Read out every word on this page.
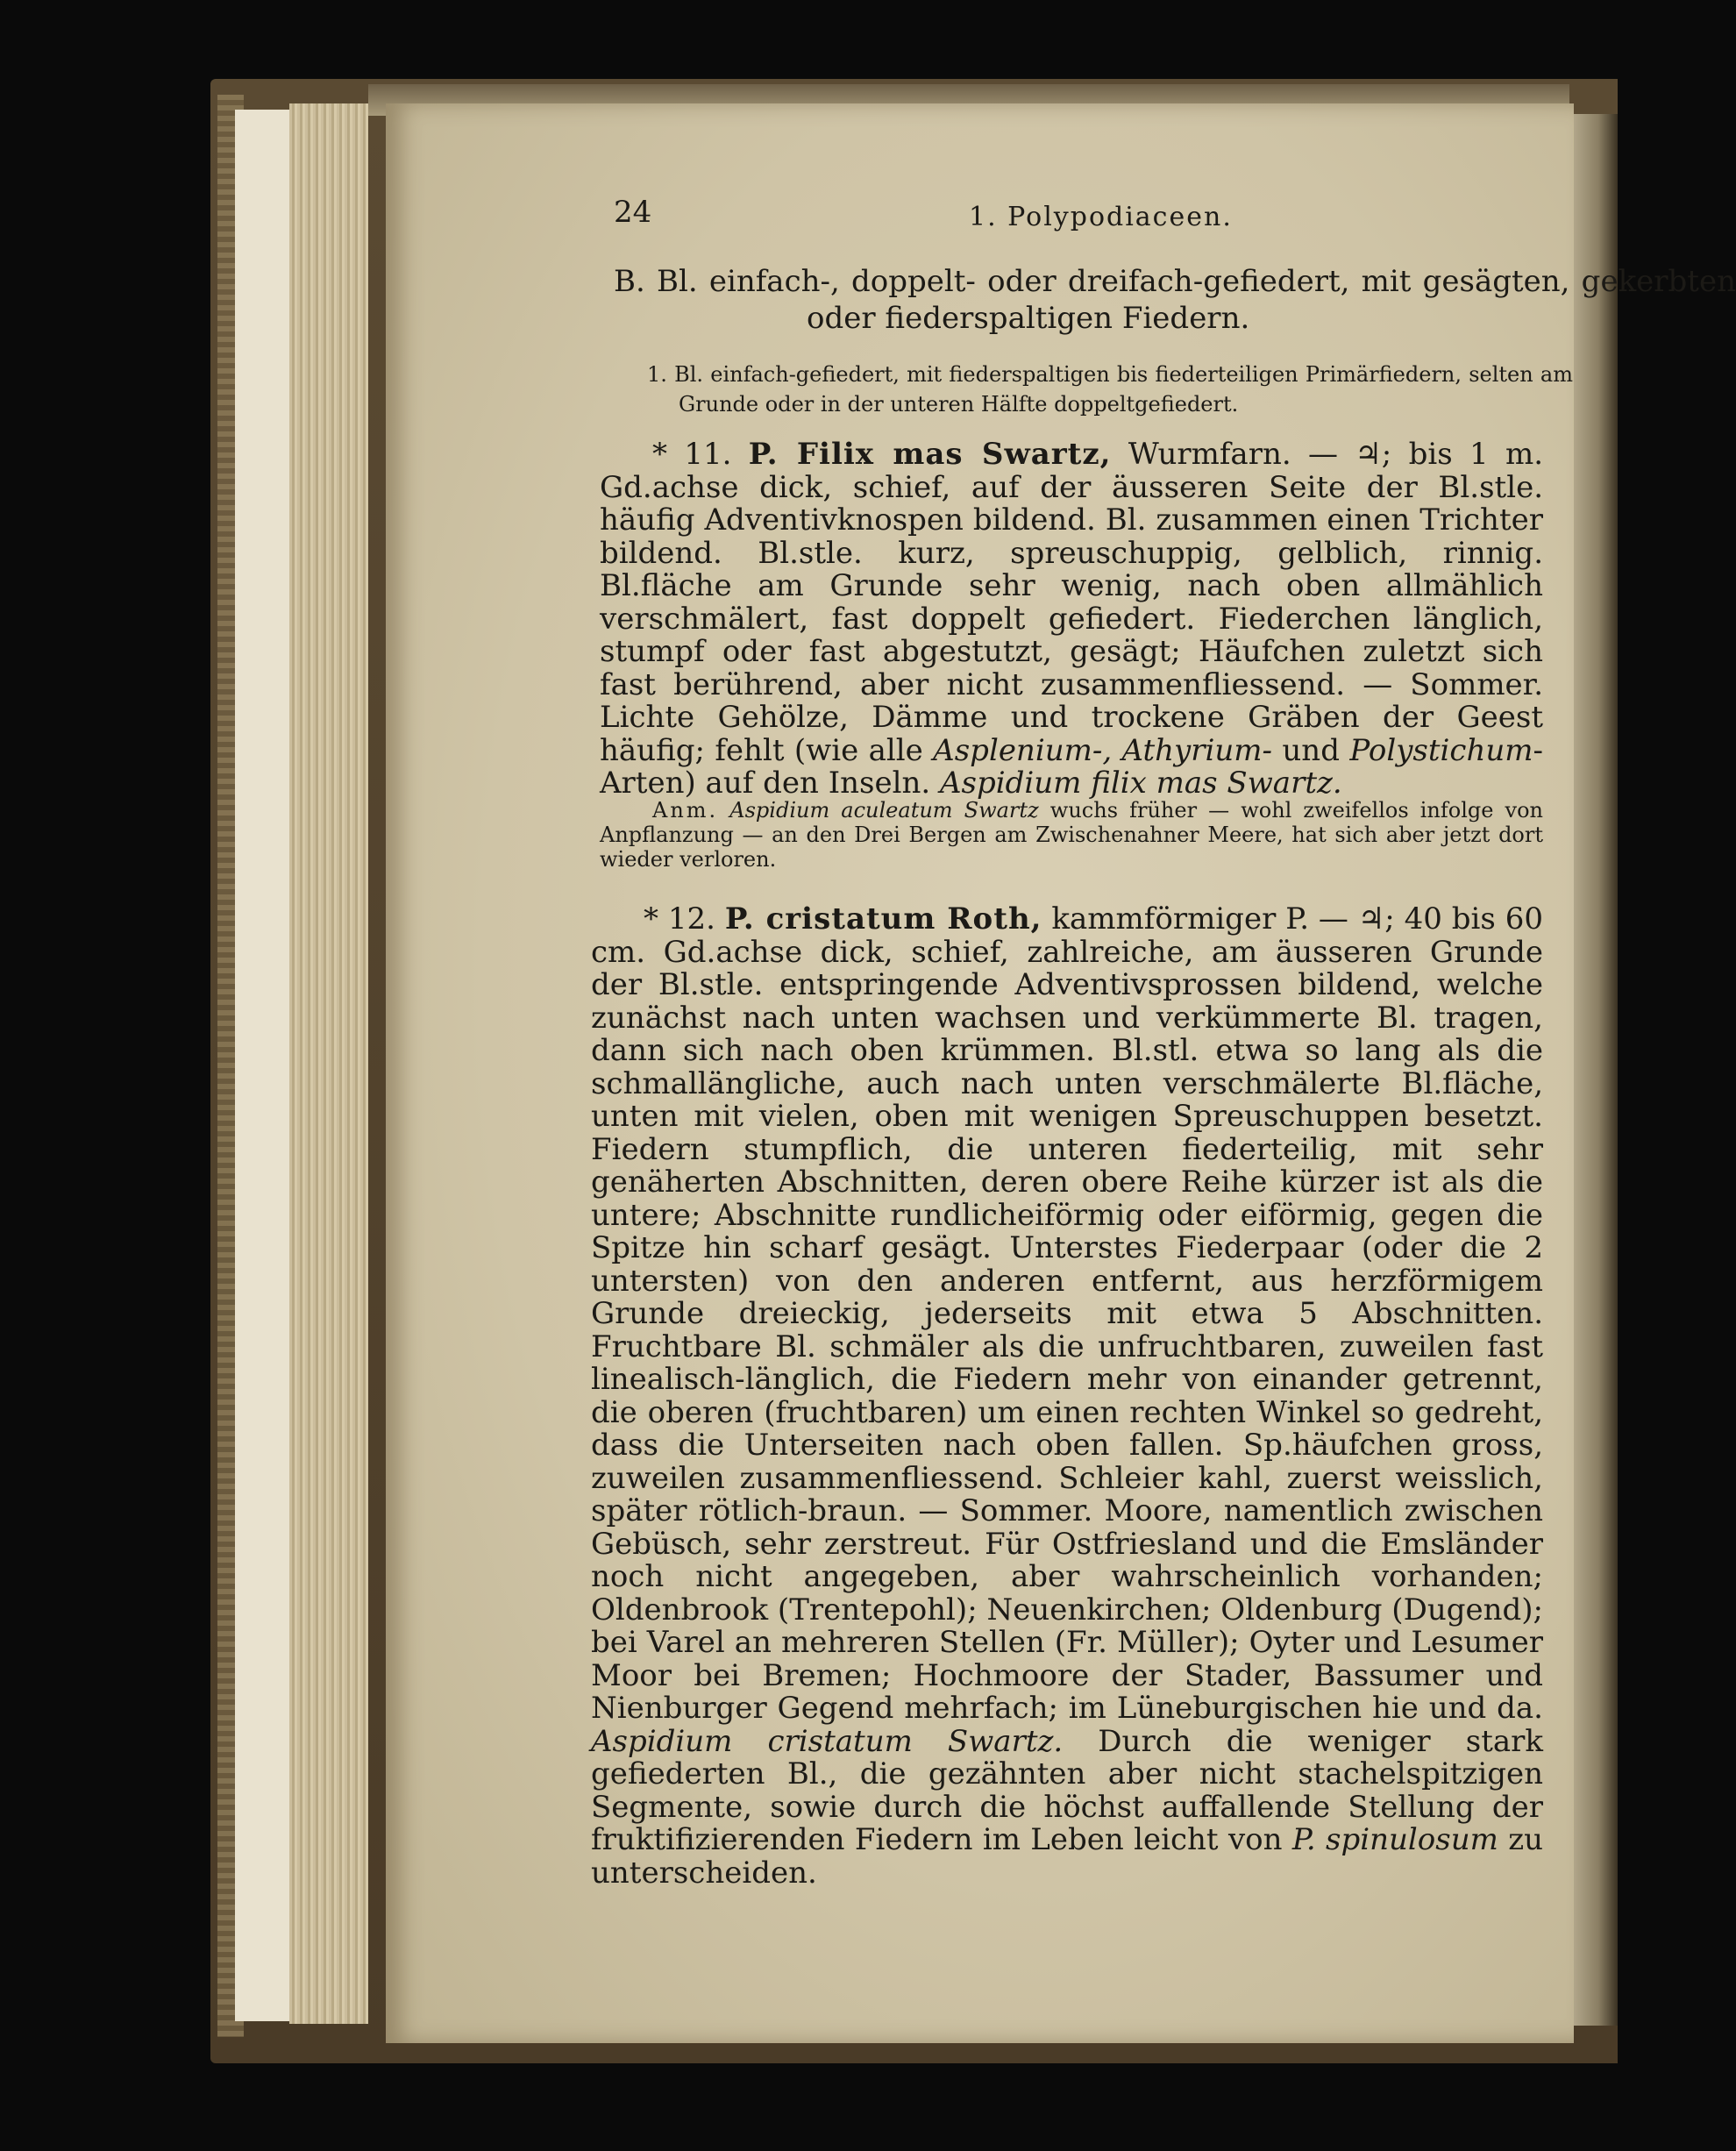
24	1. Polypodiaceen.
B. Bl. einfach-, doppelt- oder dreifach-gefiedert, mit gesägten, gekerbten oder fiederspaltigen Fiedern.
1. Bl. einfach-gefiedert, mit fiederspaltigen bis fiederteiligen Primärfiedern, selten am Grunde oder in der unteren Hälfte doppeltgefiedert.
* 11. P. Filix mas Swartz, Wurmfarn. — ♃; bis 1 m. Gd.achse dick, schief, auf der äusseren Seite der Bl.stle. häufig Adventivknospen bildend. Bl. zusammen einen Trichter bildend. Bl.stle. kurz, spreuschuppig, gelblich, rinnig. Bl.fläche am Grunde sehr wenig, nach oben allmählich verschmälert, fast doppelt gefiedert. Fiederchen länglich, stumpf oder fast abgestutzt, gesägt; Häufchen zuletzt sich fast berührend, aber nicht zusammenfliessend. — Sommer. Lichte Gehölze, Dämme und trockene Gräben der Geest häufig; fehlt (wie alle Asplenium-, Athyrium- und Polystichum-Arten) auf den Inseln. Aspidium filix mas Swartz.
Anm. Aspidium aculeatum Swartz wuchs früher — wohl zweifellos infolge von Anpflanzung — an den Drei Bergen am Zwischenahner Meere, hat sich aber jetzt dort wieder verloren.
* 12. P. cristatum Roth, kammförmiger P. — ♃; 40 bis 60 cm. Gd.achse dick, schief, zahlreiche, am äusseren Grunde der Bl.stle. entspringende Adventivsprossen bildend, welche zunächst nach unten wachsen und verkümmerte Bl. tragen, dann sich nach oben krümmen. Bl.stl. etwa so lang als die schmallängliche, auch nach unten verschmälerte Bl.fläche, unten mit vielen, oben mit wenigen Spreuschuppen besetzt. Fiedern stumpflich, die unteren fiederteilig, mit sehr genäherten Abschnitten, deren obere Reihe kürzer ist als die untere; Abschnitte rundlicheiförmig oder eiförmig, gegen die Spitze hin scharf gesägt. Unterstes Fiederpaar (oder die 2 untersten) von den anderen entfernt, aus herzförmigem Grunde dreieckig, jederseits mit etwa 5 Abschnitten. Fruchtbare Bl. schmäler als die unfruchtbaren, zuweilen fast linealisch-länglich, die Fiedern mehr von einander getrennt, die oberen (fruchtbaren) um einen rechten Winkel so gedreht, dass die Unterseiten nach oben fallen. Sp.häufchen gross, zuweilen zusammenfliessend. Schleier kahl, zuerst weisslich, später rötlich-braun. — Sommer. Moore, namentlich zwischen Gebüsch, sehr zerstreut. Für Ostfriesland und die Emsländer noch nicht angegeben, aber wahrscheinlich vorhanden; Oldenbrook (Trentepohl); Neuenkirchen; Oldenburg (Dugend); bei Varel an mehreren Stellen (Fr. Müller); Oyter und Lesumer Moor bei Bremen; Hochmoore der Stader, Bassumer und Nienburger Gegend mehrfach; im Lüneburgischen hie und da. Aspidium cristatum Swartz. Durch die weniger stark gefiederten Bl., die gezähnten aber nicht stachelspitzigen Segmente, sowie durch die höchst auffallende Stellung der fruktifizierenden Fiedern im Leben leicht von P. spinulosum zu unterscheiden.
